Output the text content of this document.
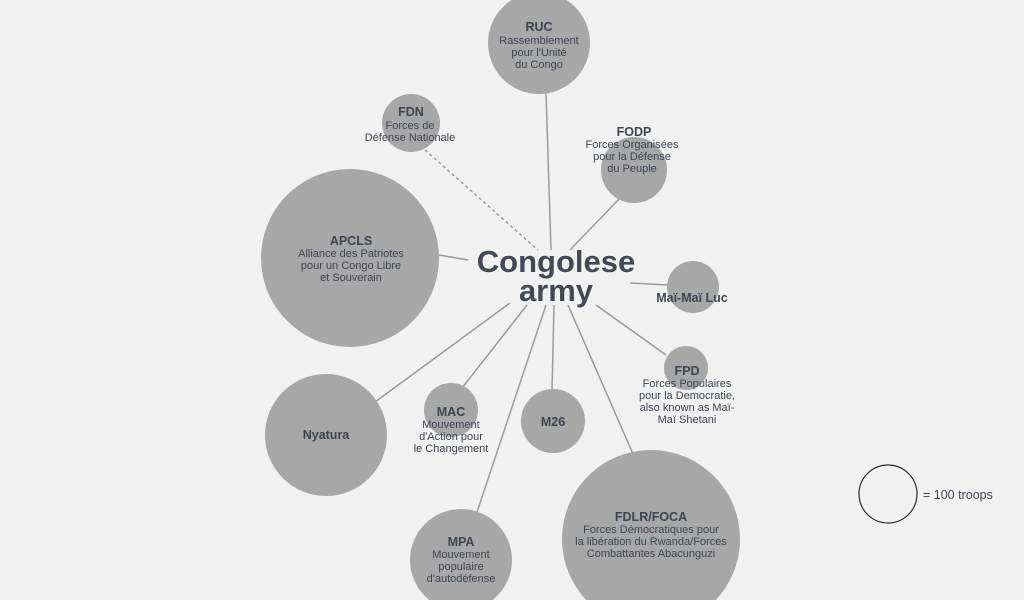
RUC
Rassemblement pour l'Unité du Congo
FDN
Forces de Défense Nationale	FODP
Forces Organisées pour la Défense du Peuple
APCLS
Alliance des Patriotes pour un Congo Libre et Souverain
Maï-Maï Luc
FPD
Forces Populaires pour la Democratie, also known as Maï-Maï Shetani
Nyatura
MAC
Mouvement d'Action pour le Changement
M26
FDLR/FOCA
Forces Démocratiques pour la libération du Rwanda/Forces Combattantes Abacunguzi
MPA
Mouvement populaire d'autodéfense
Congolese
army
= 100 troops
